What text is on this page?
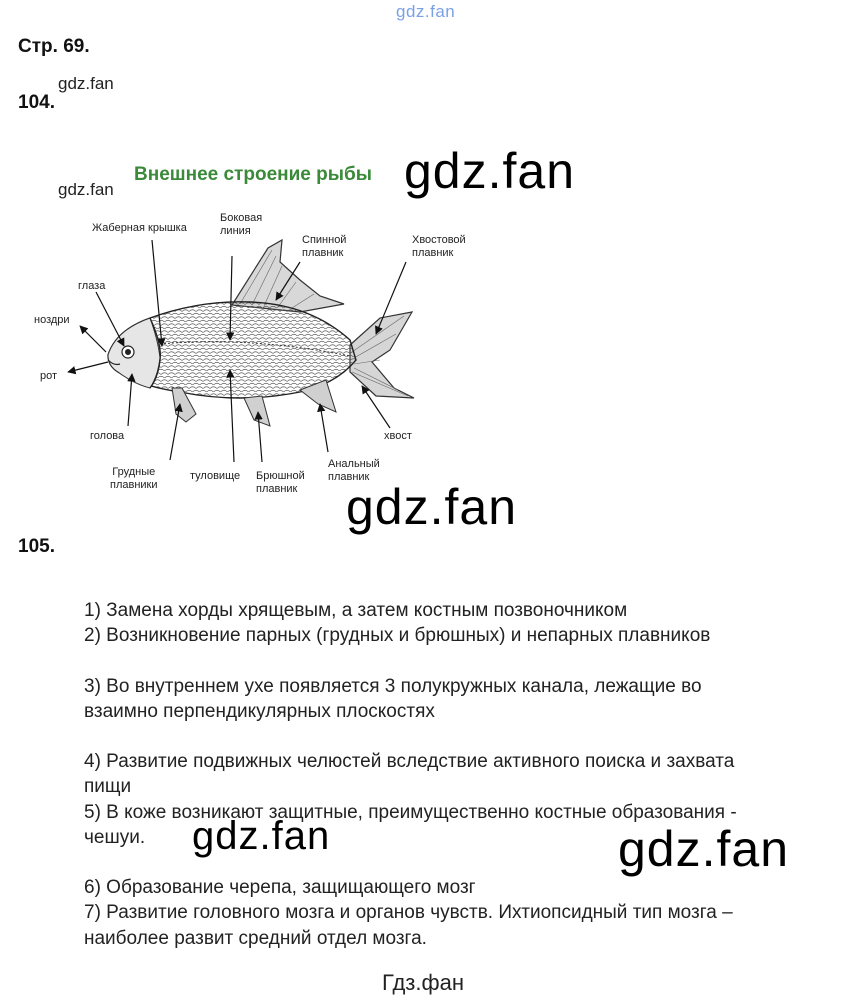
gdz.fan
gdz.fan
gdz.fan	gdz.fan
gdz.fan
gdz.fan	gdz.fan
Стр. 69.
104.
105.
Внешнее строение рыбы
Жаберная крышка
Боковая
линия
Спинной
плавник
Хвостовой
плавник
глаза
ноздри
рот
голова
Грудные
плавники
туловище Брюшной
плавник
Анальный
плавник
хвост
1) Замена хорды хрящевым, а затем костным позвоночником
2) Возникновение парных (грудных и брюшных) и непарных плавников
3) Во внутреннем ухе появляется 3 полукружных канала, лежащие во
взаимно перпендикулярных плоскостях
4) Развитие подвижных челюстей вследствие активного поиска и захвата
пищи
5) В коже возникают защитные, преимущественно костные образования -
чешуи.
6) Образование черепа, защищающего мозг
7) Развитие головного мозга и органов чувств. Ихтиопсидный тип мозга –
наиболее развит средний отдел мозга.
Гдз.фан
